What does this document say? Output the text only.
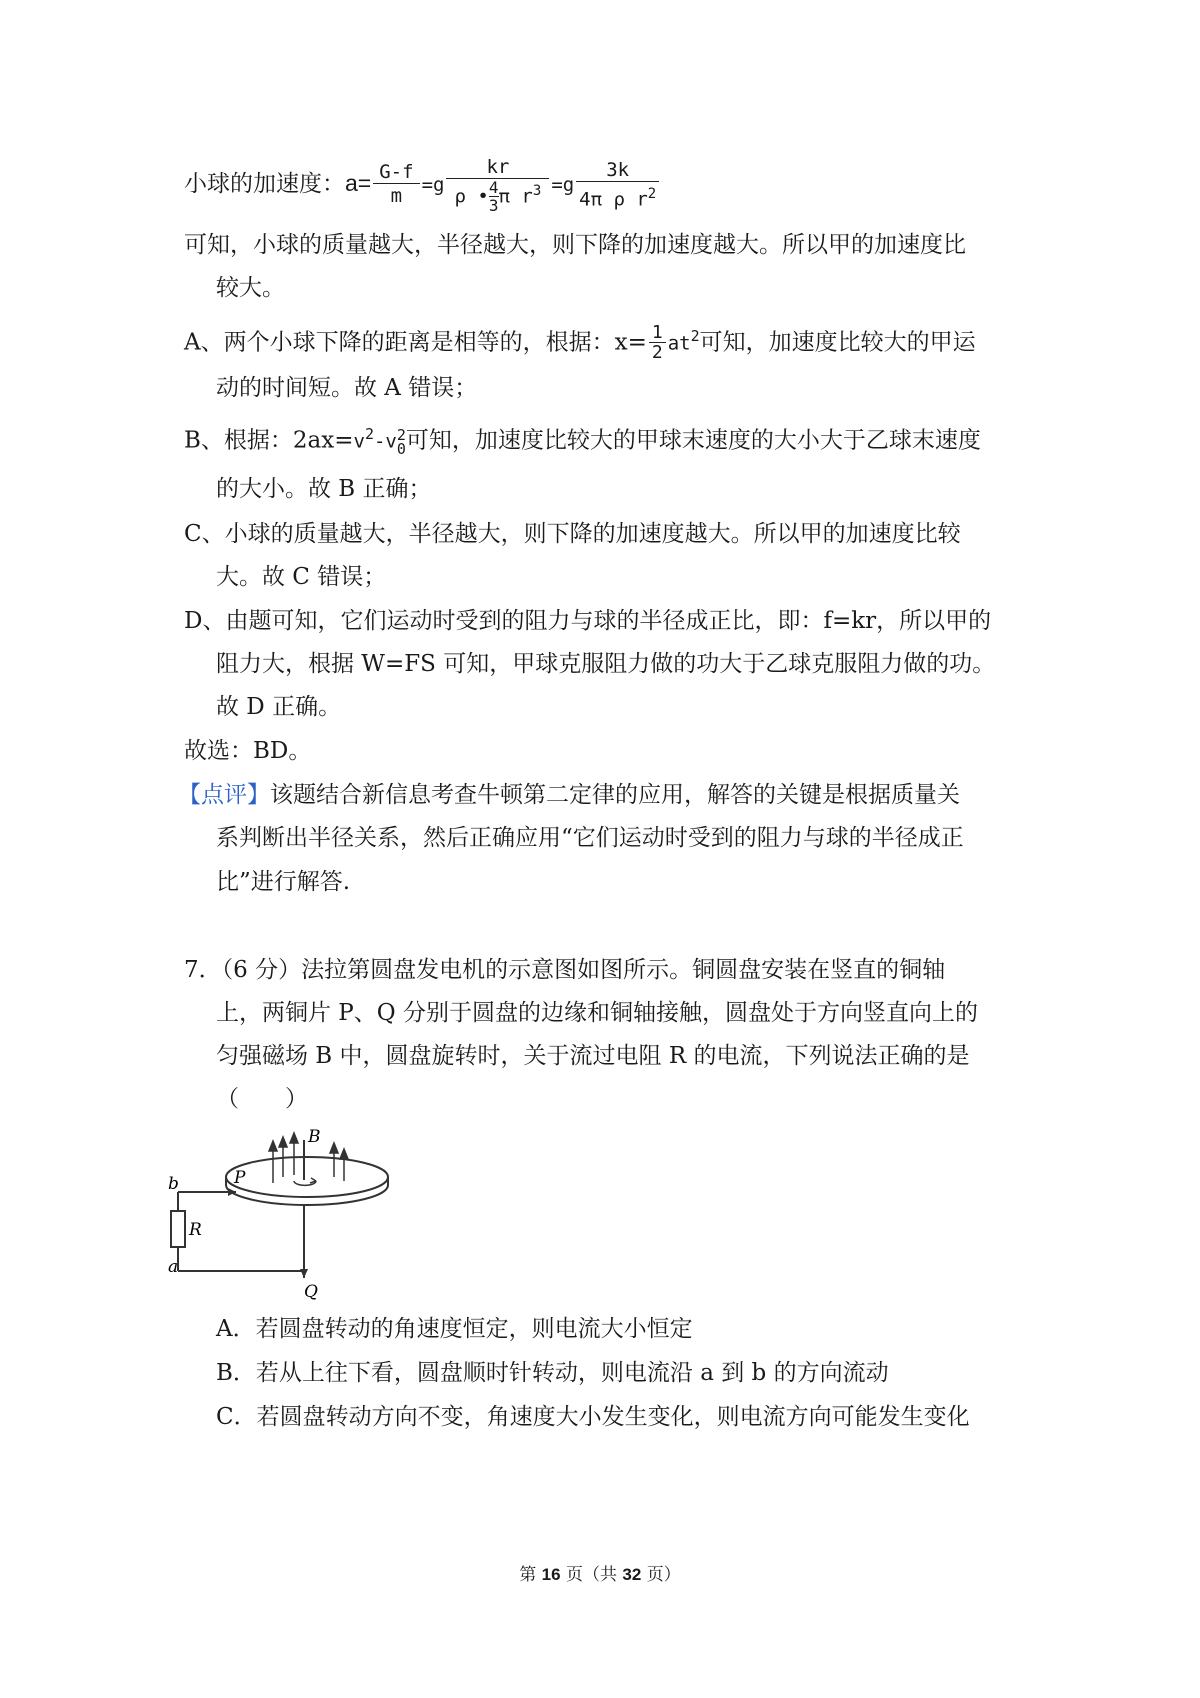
小球的加速度：$a= \frac{G-f}{m} =g \frac{kr}{\rho • \frac{4}{3} \pi r^3} =g \frac{3k}{4\pi \rho r^2}$
可知，小球的质量越大，半径越大，则下降的加速度越大。所以甲的加速度比
较大。
A、两个小球下降的距离是相等的，根据：$x= \frac{1}{2} at^2$可知，加速度比较大的甲运
动的时间短。故 A 错误；
B、根据：$2ax=v^2-v$ 2
0 可知，加速度比较大的甲球末速度的大小大于乙球末速度
的大小。故 B 正确；
C、小球的质量越大，半径越大，则下降的加速度越大。所以甲的加速度比较
大。故 C 错误；
D、由题可知，它们运动时受到的阻力与球的半径成正比，即：f=kr，所以甲的
阻力大，根据 W=FS 可知，甲球克服阻力做的功大于乙球克服阻力做的功。
故 D 正确。
故选：BD。
【点评】该题结合新信息考查牛顿第二定律的应用，解答的关键是根据质量关
系判断出半径关系，然后正确应用“它们运动时受到的阻力与球的半径成正
比”进行解答.
7．（6 分）法拉第圆盘发电机的示意图如图所示。铜圆盘安装在竖直的铜轴
上，两铜片 P、Q 分别于圆盘的边缘和铜轴接触，圆盘处于方向竖直向上的
匀强磁场 B 中，圆盘旋转时，关于流过电阻 R 的电流，下列说法正确的是
（　　）
B
P
b
R
a
Q
A．若圆盘转动的角速度恒定，则电流大小恒定
B．若从上往下看，圆盘顺时针转动，则电流沿 a 到 b 的方向流动
C．若圆盘转动方向不变，角速度大小发生变化，则电流方向可能发生变化
第 16 页（共 32 页）
